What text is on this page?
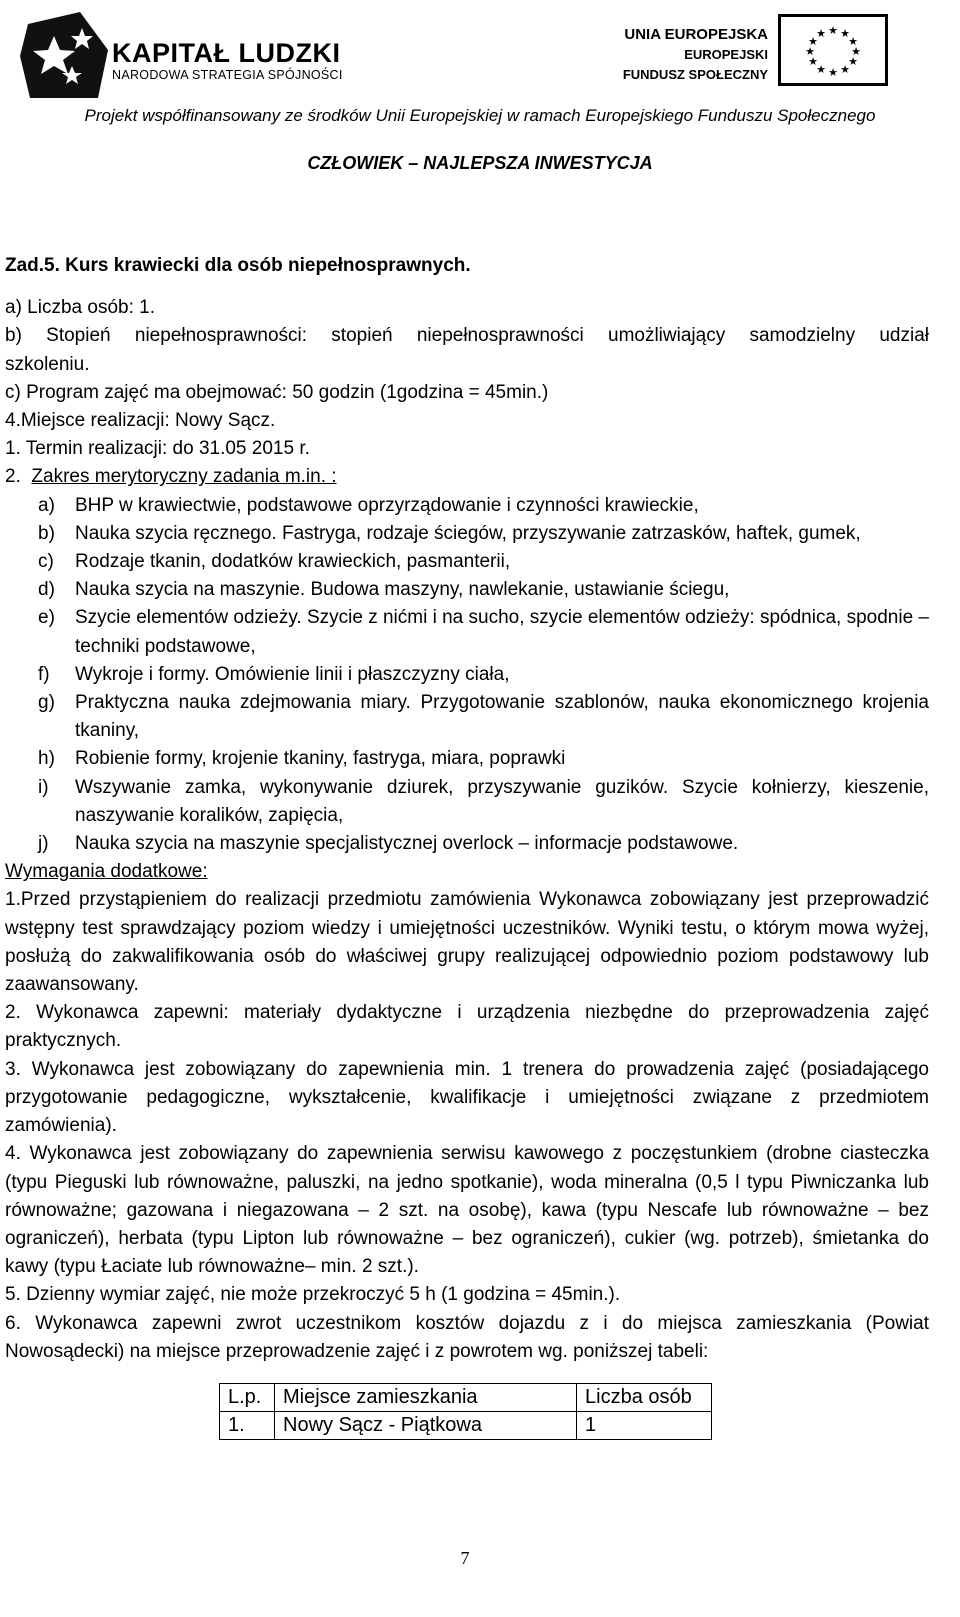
KAPITAŁ LUDZKI
NARODOWA STRATEGIA SPÓJNOŚCI
UNIA EUROPEJSKA
EUROPEJSKI
FUNDUSZ SPOŁECZNY
★ ★
★
★
★
★
★
★
★
★
★
★
Projekt współfinansowany ze środków Unii Europejskiej w ramach Europejskiego Funduszu Społecznego
CZŁOWIEK – NAJLEPSZA INWESTYCJA

Zad.5. Kurs krawiecki dla osób niepełnosprawnych.

a) Liczba osób: 1.

b) Stopień niepełnosprawności: stopień niepełnosprawności umożliwiający samodzielny udział

szkoleniu.

c) Program zajęć ma obejmować: 50 godzin (1godzina = 45min.)

4.Miejsce realizacji: Nowy Sącz.

1. Termin realizacji: do 31.05 2015 r.

2.  Zakres merytoryczny zadania m.in. :

a) BHP w krawiectwie, podstawowe oprzyrządowanie i czynności krawieckie,
b) Nauka szycia ręcznego. Fastryga, rodzaje ściegów, przyszywanie zatrzasków, haftek, gumek,
c) Rodzaje tkanin, dodatków krawieckich, pasmanterii,
d) Nauka szycia na maszynie. Budowa maszyny, nawlekanie, ustawianie ściegu,
e) Szycie elementów odzieży. Szycie z nićmi i na sucho, szycie elementów odzieży: spódnica, spodnie – techniki podstawowe,
f) Wykroje i formy. Omówienie linii i płaszczyzny ciała,
g) Praktyczna nauka zdejmowania miary. Przygotowanie szablonów, nauka ekonomicznego krojenia tkaniny,
h) Robienie formy, krojenie tkaniny, fastryga, miara, poprawki
i) Wszywanie zamka, wykonywanie dziurek, przyszywanie guzików. Szycie kołnierzy, kieszenie, naszywanie koralików, zapięcia,
j) Nauka szycia na maszynie specjalistycznej overlock – informacje podstawowe.

Wymagania dodatkowe:

1.Przed przystąpieniem do realizacji przedmiotu zamówienia Wykonawca zobowiązany jest przeprowadzić wstępny test sprawdzający poziom wiedzy i umiejętności uczestników. Wyniki testu, o którym mowa wyżej, posłużą do zakwalifikowania osób do właściwej grupy realizującej odpowiednio poziom podstawowy lub zaawansowany.

2. Wykonawca zapewni: materiały dydaktyczne i urządzenia niezbędne do przeprowadzenia zajęć praktycznych.

3. Wykonawca jest zobowiązany do zapewnienia min. 1 trenera do prowadzenia zajęć (posiadającego przygotowanie pedagogiczne, wykształcenie, kwalifikacje i umiejętności związane z przedmiotem zamówienia).

4. Wykonawca jest zobowiązany do zapewnienia serwisu kawowego z poczęstunkiem (drobne ciasteczka (typu Pieguski lub równoważne, paluszki, na jedno spotkanie), woda mineralna (0,5 l typu Piwniczanka lub równoważne; gazowana i niegazowana – 2 szt. na osobę), kawa (typu Nescafe lub równoważne – bez ograniczeń), herbata (typu Lipton lub równoważne – bez ograniczeń), cukier (wg. potrzeb), śmietanka do kawy (typu Łaciate lub równoważne– min. 2 szt.).

5. Dzienny wymiar zajęć, nie może przekroczyć 5 h (1 godzina = 45min.).

6. Wykonawca zapewni zwrot uczestnikom kosztów dojazdu z i do miejsca zamieszkania (Powiat Nowosądecki) na miejsce przeprowadzenie zajęć i z powrotem wg. poniższej tabeli:

L.p.	Miejsce zamieszkania	Liczba osób
1.	Nowy Sącz - Piątkowa	1
7
